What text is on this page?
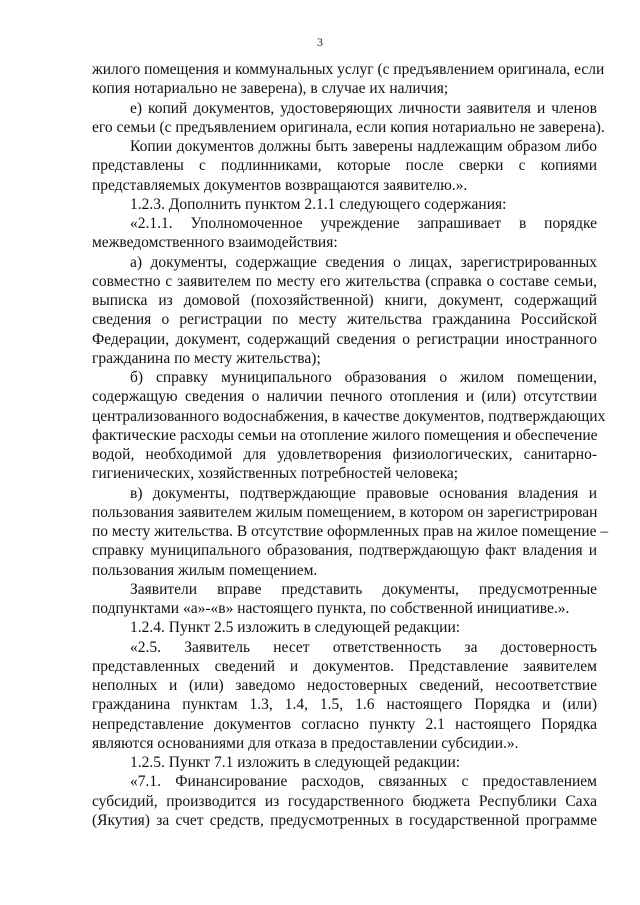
3
жилого помещения и коммунальных услуг (с предъявлением оригинала, если
копия нотариально не заверена), в случае их наличия;
е) копий документов, удостоверяющих личности заявителя и членов
его семьи (с предъявлением оригинала, если копия нотариально не заверена).
Копии документов должны быть заверены надлежащим образом либо
представлены с подлинниками, которые после сверки с копиями
представляемых документов возвращаются заявителю.».
1.2.3. Дополнить пунктом 2.1.1 следующего содержания:
«2.1.1. Уполномоченное учреждение запрашивает в порядке
межведомственного взаимодействия:
а) документы, содержащие сведения о лицах, зарегистрированных
совместно с заявителем по месту его жительства (справка о составе семьи,
выписка из домовой (похозяйственной) книги, документ, содержащий
сведения о регистрации по месту жительства гражданина Российской
Федерации, документ, содержащий сведения о регистрации иностранного
гражданина по месту жительства);
б) справку муниципального образования о жилом помещении,
содержащую сведения о наличии печного отопления и (или) отсутствии
централизованного водоснабжения, в качестве документов, подтверждающих
фактические расходы семьи на отопление жилого помещения и обеспечение
водой, необходимой для удовлетворения физиологических, санитарно-
гигиенических, хозяйственных потребностей человека;
в) документы, подтверждающие правовые основания владения и
пользования заявителем жилым помещением, в котором он зарегистрирован
по месту жительства. В отсутствие оформленных прав на жилое помещение –
справку муниципального образования, подтверждающую факт владения и
пользования жилым помещением.
Заявители вправе представить документы, предусмотренные
подпунктами «а»-«в» настоящего пункта, по собственной инициативе.».
1.2.4. Пункт 2.5 изложить в следующей редакции:
«2.5. Заявитель несет ответственность за достоверность
представленных сведений и документов. Представление заявителем
неполных и (или) заведомо недостоверных сведений, несоответствие
гражданина пунктам 1.3, 1.4, 1.5, 1.6 настоящего Порядка и (или)
непредставление документов согласно пункту 2.1 настоящего Порядка
являются основаниями для отказа в предоставлении субсидии.».
1.2.5. Пункт 7.1 изложить в следующей редакции:
«7.1. Финансирование расходов, связанных с предоставлением
субсидий, производится из государственного бюджета Республики Саха
(Якутия) за счет средств, предусмотренных в государственной программе
